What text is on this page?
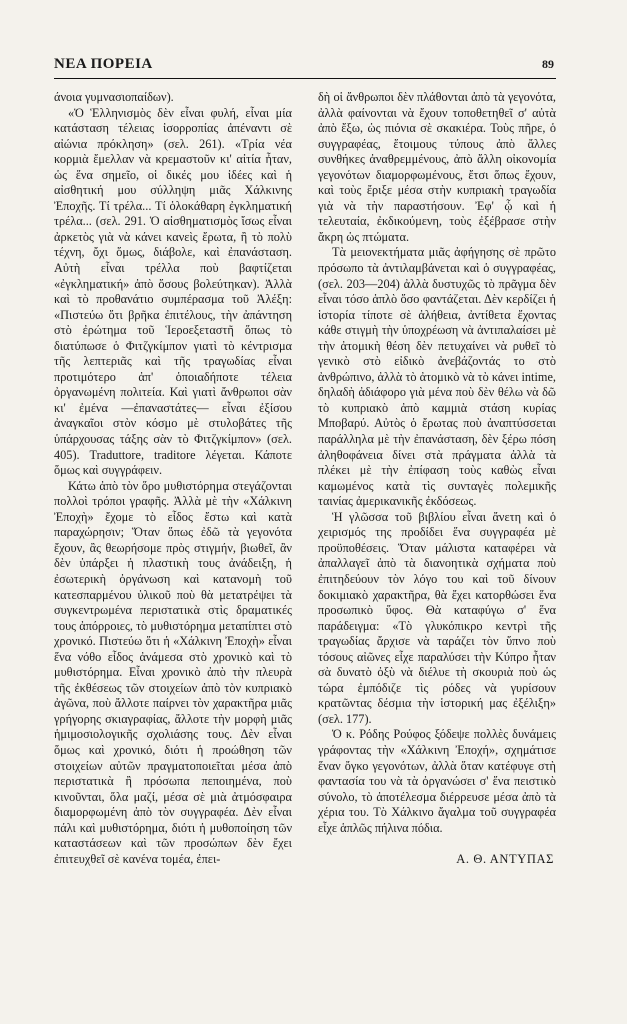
ΝΕΑ ΠΟΡΕΙΑ	89

άνοια γυμνασιοπαίδων).

«Ὁ Ἑλληνισμὸς δὲν εἶναι φυλή, εἶναι μία κατάσταση τέλειας ἰσορροπίας ἀπέναντι σὲ αἰώνια πρόκληση» (σελ. 261). «Τρία νέα κορμιὰ ἔμελλαν νὰ κρεμαστοῦν κι' αἰτία ἦταν, ὡς ἕνα σημεῖο, οἱ δικές μου ἰδέες καὶ ἡ αἰσθητική μου σύλληψη μιᾶς Χάλκινης Ἐποχῆς. Τί τρέλα... Τί ὁλοκάθαρη ἐγκληματική τρέλα... (σελ. 291. Ὁ αἰσθηματισμὸς ἴσως εἶναι ἀρκετὸς γιὰ νὰ κάνει κανεὶς ἔρωτα, ἢ τὸ πολὺ τέχνη, ὄχι ὅμως, διάβολε, καὶ ἐπανάσταση. Αὐτὴ εἶναι τρέλλα ποὺ βαφτίζεται «ἐγκληματική» ἀπὸ ὅσους βολεύτηκαν). Ἀλλὰ καὶ τὸ προθανάτιο συμπέρασμα τοῦ Ἀλέξη: «Πιστεύω ὅτι βρῆκα ἐπιτέλους, τὴν ἀπάντηση στὸ ἐρώτημα τοῦ Ἱεροεξεταστῆ ὅπως τὸ διατύπωσε ὁ Φιτζγκίμπον γιατὶ τὸ κέντρισμα τῆς λεπτεριᾶς καὶ τῆς τραγωδίας εἶναι προτιμότερο ἀπ' ὁποιαδήποτε τέλεια ὀργανωμένη πολιτεία. Καὶ γιατὶ ἄνθρωποι σὰν κι' ἐμένα —ἐπαναστάτες— εἶναι ἐξίσου ἀναγκαῖοι στὸν κόσμο μὲ στυλοβάτες τῆς ὑπάρχουσας τάξης σὰν τὸ Φιτζγκίμπον» (σελ. 405). Traduttore, traditore λέγεται. Κάποτε ὅμως καὶ συγγράφειν.

Κάτω ἀπὸ τὸν ὅρο μυθιστόρημα στεγάζονται πολλοὶ τρόποι γραφῆς. Ἀλλὰ μὲ τὴν «Χάλκινη Ἐποχὴ» ἔχομε τὸ εἶδος ἔστω καὶ κατὰ παραχώρησιν; Ὅταν ὅπως ἐδῶ τὰ γεγονότα ἔχουν, ἂς θεωρήσομε πρὸς στιγμήν, βιωθεῖ, ἂν δὲν ὑπάρξει ἡ πλαστικὴ τους ἀνάδειξη, ἡ ἐσωτερικὴ ὀργάνωση καὶ κατανομὴ τοῦ κατεσπαρμένου ὑλικοῦ ποὺ θὰ μετατρέψει τὰ συγκεντρωμένα περιστατικὰ στὶς δραματικές τους ἀπόρροιες, τὸ μυθιστόρημα μεταπίπτει στὸ χρονικό. Πιστεύω ὅτι ἡ «Χάλκινη Ἐποχὴ» εἶναι ἕνα νόθο εἶδος ἀνάμεσα στὸ χρονικὸ καὶ τὸ μυθιστόρημα. Εἶναι χρονικὸ ἀπὸ τὴν πλευρὰ τῆς ἐκθέσεως τῶν στοιχείων ἀπὸ τὸν κυπριακὸ ἀγῶνα, ποὺ ἄλλοτε παίρνει τὸν χαρακτῆρα μιᾶς γρήγορης σκιαγραφίας, ἄλλοτε τὴν μορφὴ μιᾶς ἡμιμοσιολογικῆς σχολιάσης τους. Δὲν εἶναι ὅμως καὶ χρονικό, διότι ἡ προώθηση τῶν στοιχείων αὐτῶν πραγματοποιεῖται μέσα ἀπὸ περιστατικὰ ἢ πρόσωπα πεποιημένα, ποὺ κινοῦνται, ὅλα μαζί, μέσα σὲ μιὰ ἀτμόσφαιρα διαμορφωμένη ἀπὸ τὸν συγγραφέα. Δὲν εἶναι πάλι καὶ μυθιστόρημα, διότι ἡ μυθοποίηση τῶν καταστάσεων καὶ τῶν προσώπων δὲν ἔχει ἐπιτευχθεῖ σὲ κανένα τομέα, ἐπει-

δὴ οἱ ἄνθρωποι δὲν πλάθονται ἀπὸ τὰ γεγονότα, ἀλλὰ φαίνονται νὰ ἔχουν τοποθετηθεῖ σ' αὐτὰ ἀπὸ ἔξω, ὡς πιόνια σὲ σκακιέρα. Τοὺς πῆρε, ὁ συγγραφέας, ἕτοιμους τύπους ἀπὸ ἄλλες συνθήκες ἀναθρεμμένους, ἀπὸ ἄλλη οἰκονομία γεγονότων διαμορφωμένους, ἔτσι ὅπως ἔχουν, καὶ τοὺς ἔριξε μέσα στὴν κυπριακὴ τραγωδία γιὰ νὰ τὴν παραστήσουν. Ἐφ' ᾧ καὶ ἡ τελευταία, ἐκδικούμενη, τοὺς ἐξέβρασε στὴν ἄκρη ὡς πτώματα.

Τὰ μειονεκτήματα μιᾶς ἀφήγησης σὲ πρῶτο πρόσωπο τὰ ἀντιλαμβάνεται καὶ ὁ συγγραφέας, (σελ. 203—204) ἀλλὰ δυστυχῶς τὸ πρᾶγμα δὲν εἶναι τόσο ἁπλὸ ὅσο φαντάζεται. Δὲν κερδίζει ἡ ἱστορία τίποτε σὲ ἀλήθεια, ἀντίθετα ἔχοντας κάθε στιγμὴ τὴν ὑποχρέωση νὰ ἀντιπαλαίσει μὲ τὴν ἀτομικὴ θέση δὲν πετυχαίνει νὰ ρυθεῖ τὸ γενικὸ στὸ εἰδικὸ ἀνεβάζοντάς το στὸ ἀνθρώπινο, ἀλλὰ τὸ ἀτομικὸ νὰ τὸ κάνει intime, δηλαδὴ ἀδιάφορο γιὰ μένα ποὺ δὲν θέλω νὰ δῶ τὸ κυπριακὸ ἀπὸ καμμιὰ στάση κυρίας Μποβαρύ. Αὐτὸς ὁ ἔρωτας ποὺ ἀναπτύσσεται παράλληλα μὲ τὴν ἐπανάσταση, δὲν ξέρω πόση ἀληθοφάνεια δίνει στὰ πράγματα ἀλλὰ τὰ πλέκει μὲ τὴν ἐπίφαση τοὺς καθὼς εἶναι καμωμένος κατὰ τὶς συνταγὲς πολεμικῆς ταινίας ἀμερικανικῆς ἐκδόσεως.

Ἡ γλῶσσα τοῦ βιβλίου εἶναι ἄνετη καὶ ὁ χειρισμός της προδίδει ἕνα συγγραφέα μὲ προϋποθέσεις. Ὅταν μάλιστα καταφέρει νὰ ἀπαλλαγεῖ ἀπὸ τὰ διανοητικὰ σχήματα ποὺ ἐπιτηδεύουν τὸν λόγο του καὶ τοῦ δίνουν δοκιμιακὸ χαρακτῆρα, θὰ ἔχει κατορθώσει ἕνα προσωπικὸ ὕφος. Θὰ καταφύγω σ' ἕνα παράδειγμα: «Τὸ γλυκόπικρο κεντρὶ τῆς τραγωδίας ἄρχισε νὰ ταράζει τὸν ὕπνο ποὺ τόσους αἰῶνες εἶχε παραλύσει τὴν Κύπρο ἦταν σὰ δυνατὸ ὀξὺ νὰ διέλυε τὴ σκουριὰ ποὺ ὡς τώρα ἐμπόδιζε τὶς ρόδες νὰ γυρίσουν κρατῶντας δέσμια τὴν ἱστορική μας ἐξέλιξη» (σελ. 177).

Ὁ κ. Ρόδης Ρούφος ξόδεψε πολλὲς δυνάμεις γράφοντας τὴν «Χάλκινη Ἐποχή», σχημάτισε ἕναν ὄγκο γεγονότων, ἀλλὰ ὅταν κατέφυγε στὴ φαντασία του νὰ τὰ ὀργανώσει σ' ἕνα πειστικὸ σύνολο, τὸ ἀποτέλεσμα διέρρευσε μέσα ἀπὸ τὰ χέρια του. Τὸ Χάλκινο ἄγαλμα τοῦ συγγραφέα εἶχε ἁπλῶς πήλινα πόδια.

Α. Θ. ΑΝΤΥΠΑΣ
